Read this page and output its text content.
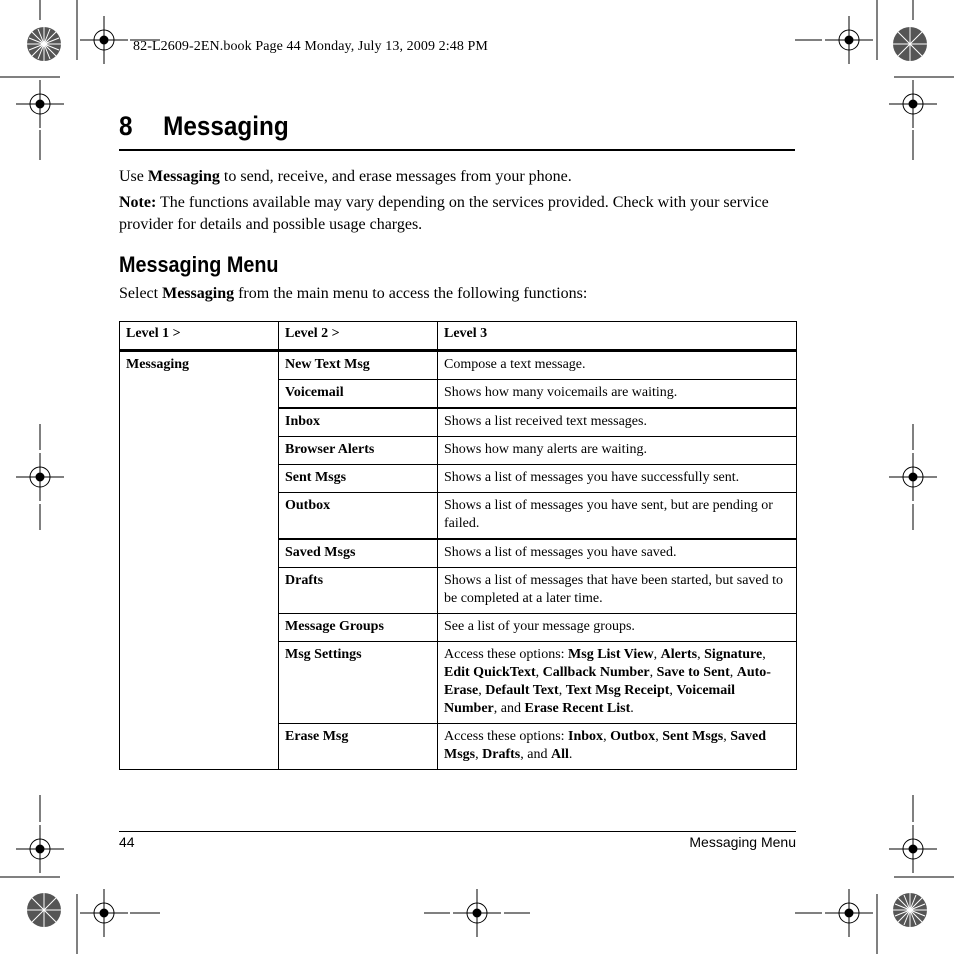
82-L2609-2EN.book Page 44 Monday, July 13, 2009 2:48 PM
8 Messaging
Use Messaging to send, receive, and erase messages from your phone.
Note: The functions available may vary depending on the services provided. Check with your service provider for details and possible usage charges.
Messaging Menu
Select Messaging from the main menu to access the following functions:
Level 1 >	Level 2 >	Level 3
Messaging	New Text Msg	Compose a text message.
	Voicemail	Shows how many voicemails are waiting.
	Inbox	Shows a list received text messages.
	Browser Alerts	Shows how many alerts are waiting.
	Sent Msgs	Shows a list of messages you have successfully sent.
	Outbox	Shows a list of messages you have sent, but are pending or failed.
	Saved Msgs	Shows a list of messages you have saved.
	Drafts	Shows a list of messages that have been started, but saved to be completed at a later time.
	Message Groups	See a list of your message groups.
	Msg Settings	Access these options: Msg List View, Alerts, Signature, Edit QuickText, Callback Number, Save to Sent, Auto-Erase, Default Text, Text Msg Receipt, Voicemail Number, and Erase Recent List.
	Erase Msg	Access these options: Inbox, Outbox, Sent Msgs, Saved Msgs, Drafts, and All.
44	Messaging Menu
